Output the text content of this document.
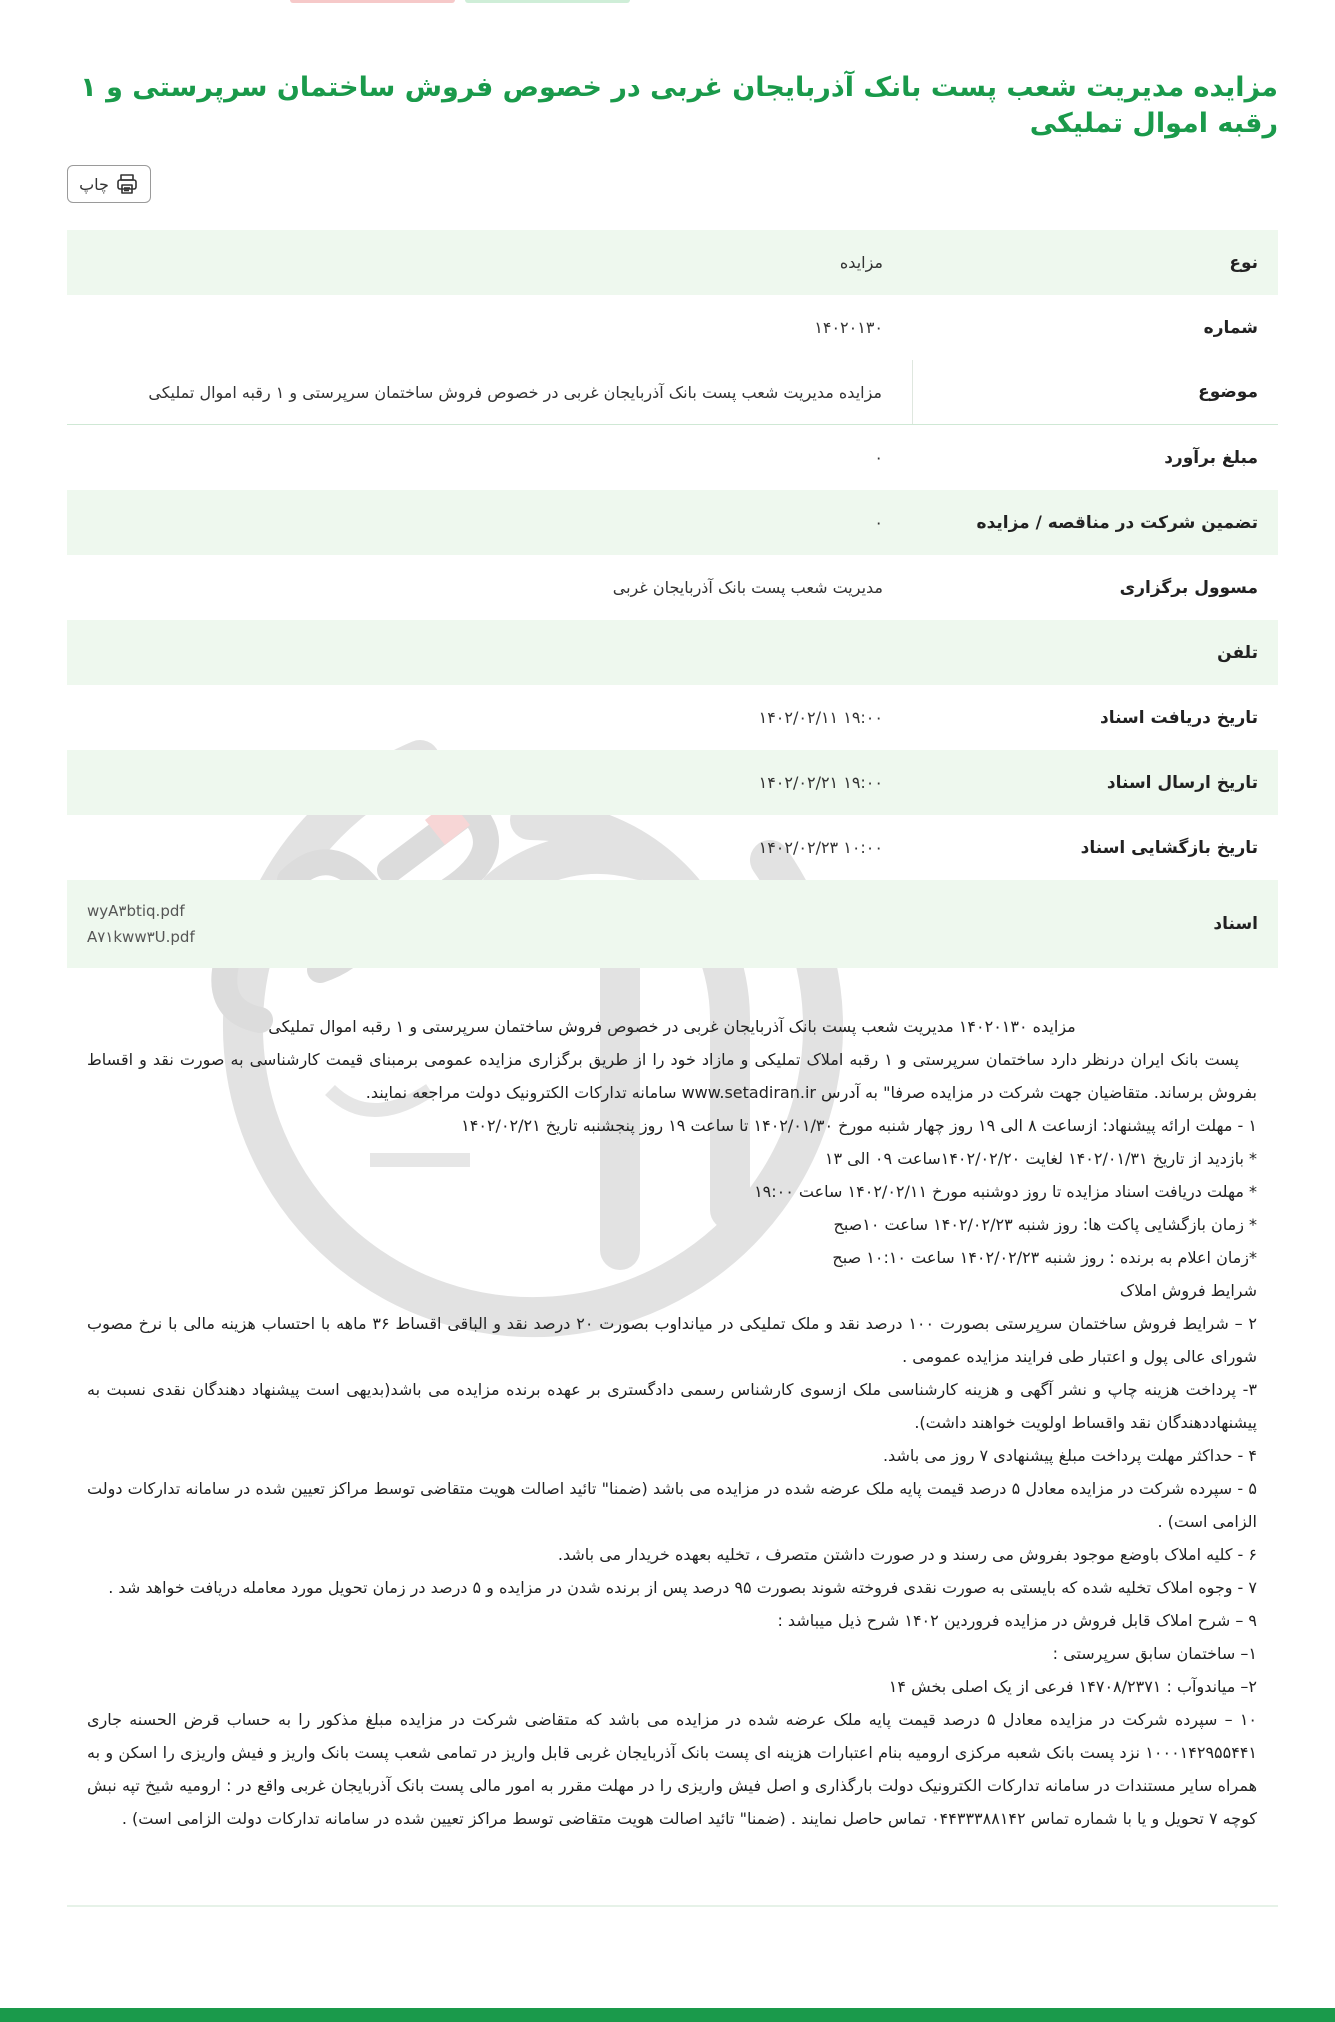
مزایده مدیریت شعب پست بانک آذربایجان غربی در خصوص فروش ساختمان سرپرستی و ۱ رقبه اموال تملیکی
چاپ
نوع
مزایده
شماره
۱۴۰۲۰۱۳۰
موضوع
مزایده مدیریت شعب پست بانک آذربایجان غربی در خصوص فروش ساختمان سرپرستی و ۱ رقبه اموال تملیکی
مبلغ برآورد
۰
تضمین شرکت در مناقصه / مزایده
۰
مسوول برگزاری
مدیریت شعب پست بانک آذربایجان غربی
تلفن
تاریخ دریافت اسناد
۱۴۰۲/۰۲/۱۱ ۱۹:۰۰
تاریخ ارسال اسناد
۱۴۰۲/۰۲/۲۱ ۱۹:۰۰
تاریخ بازگشایی اسناد
۱۴۰۲/۰۲/۲۳ ۱۰:۰۰
اسناد
wyA۳btiq.pdf
A۷۱kww۳U.pdf

مزایده ۱۴۰۲۰۱۳۰ مدیریت شعب پست بانک آذربایجان غربی در خصوص فروش ساختمان سرپرستی و ۱ رقبه اموال تملیکی

پست بانک ایران درنظر دارد ساختمان سرپرستی و ۱ رقبه املاک تملیکی و مازاد خود را از طریق برگزاری مزایده عمومی برمبنای قیمت کارشناسی به صورت نقد و اقساط بفروش برساند. متقاضیان جهت شرکت در مزایده صرفا" به آدرس www.setadiran.ir سامانه تدارکات الکترونیک دولت مراجعه نمایند.

۱ - مهلت ارائه پیشنهاد: ازساعت ۸ الی ۱۹ روز چهار شنبه مورخ ۱۴۰۲/۰۱/۳۰ تا ساعت ۱۹ روز پنجشنبه تاریخ ۱۴۰۲/۰۲/۲۱

* بازدید از تاریخ ۱۴۰۲/۰۱/۳۱ لغایت ۱۴۰۲/۰۲/۲۰ساعت ۰۹ الی ۱۳

* مهلت دریافت اسناد مزایده تا روز دوشنبه مورخ ۱۴۰۲/۰۲/۱۱ ساعت ۱۹:۰۰

* زمان بازگشایی پاکت ها: روز شنبه ۱۴۰۲/۰۲/۲۳ ساعت ۱۰صبح

*زمان اعلام به برنده : روز شنبه ۱۴۰۲/۰۲/۲۳ ساعت ۱۰:۱۰ صبح

شرایط فروش املاک

۲ – شرایط فروش ساختمان سرپرستی بصورت ۱۰۰ درصد نقد و ملک تملیکی در میانداوب بصورت ۲۰ درصد نقد و الباقی اقساط ۳۶ ماهه با احتساب هزینه مالی با نرخ مصوب شورای عالی پول و اعتبار طی فرایند مزایده عمومی .

۳- پرداخت هزینه چاپ و نشر آگهی و هزینه کارشناسی ملک ازسوی کارشناس رسمی دادگستری بر عهده برنده مزایده می باشد(بدیهی است پیشنهاد دهندگان نقدی نسبت به پیشنهاددهندگان نقد واقساط اولویت خواهند داشت).

۴ - حداکثر مهلت پرداخت مبلغ پیشنهادی ۷ روز می باشد.

۵ - سپرده شرکت در مزایده معادل ۵ درصد قیمت پایه ملک عرضه شده در مزایده می باشد (ضمنا" تائید اصالت هویت متقاضی توسط مراکز تعیین شده در سامانه تدارکات دولت الزامی است) .

۶ - کلیه املاک باوضع موجود بفروش می رسند و در صورت داشتن متصرف ، تخلیه بعهده خریدار می باشد.

۷ - وجوه املاک تخلیه شده که بایستی به صورت نقدی فروخته شوند بصورت ۹۵ درصد پس از برنده شدن در مزایده و ۵ درصد در زمان تحویل مورد معامله دریافت خواهد شد .

۹ – شرح املاک قابل فروش در مزایده فروردین ۱۴۰۲ شرح ذیل میباشد :

۱– ساختمان سابق سرپرستی :

۲– میاندوآب : ۱۴۷۰۸/۲۳۷۱ فرعی از یک اصلی بخش ۱۴

۱۰ – سپرده شرکت در مزایده معادل ۵ درصد قیمت پایه ملک عرضه شده در مزایده می باشد که متقاضی شرکت در مزایده مبلغ مذکور را به حساب قرض الحسنه جاری ۱۰۰۰۱۴۲۹۵۵۴۴۱ نزد پست بانک شعبه مرکزی ارومیه بنام اعتبارات هزینه ای پست بانک آذربایجان غربی قابل واریز در تمامی شعب پست بانک واریز و فیش واریزی را اسکن و به همراه سایر مستندات در سامانه تدارکات الکترونیک دولت بارگذاری و اصل فیش واریزی را در مهلت مقرر به امور مالی پست بانک آذربایجان غربی واقع در : ارومیه شیخ تپه نبش کوچه ۷ تحویل و یا با شماره تماس ۰۴۴۳۳۳۸۸۱۴۲ تماس حاصل نمایند . (ضمنا" تائید اصالت هویت متقاضی توسط مراکز تعیین شده در سامانه تدارکات دولت الزامی است) .
